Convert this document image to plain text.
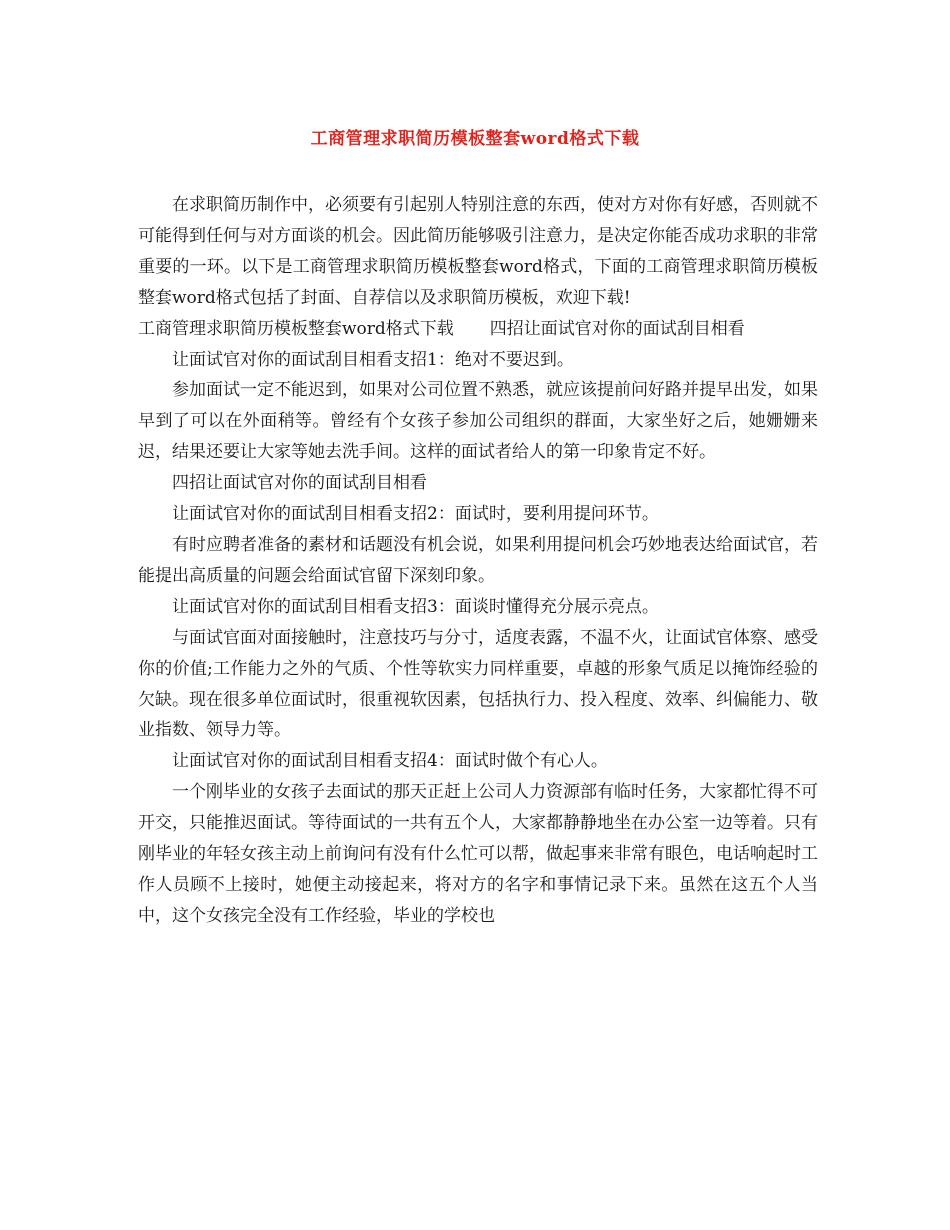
工商管理求职简历模板整套word格式下载

在求职简历制作中，必须要有引起别人特别注意的东西，使对方对你有好感，否则就不可能得到任何与对方面谈的机会。因此简历能够吸引注意力，是决定你能否成功求职的非常重要的一环。以下是工商管理求职简历模板整套word格式，下面的工商管理求职简历模板整套word格式包括了封面、自荐信以及求职简历模板，欢迎下载!

工商管理求职简历模板整套word格式下载 四招让面试官对你的面试刮目相看

让面试官对你的面试刮目相看支招1：绝对不要迟到。

参加面试一定不能迟到，如果对公司位置不熟悉，就应该提前问好路并提早出发，如果早到了可以在外面稍等。曾经有个女孩子参加公司组织的群面，大家坐好之后，她姗姗来迟，结果还要让大家等她去洗手间。这样的面试者给人的第一印象肯定不好。

四招让面试官对你的面试刮目相看

让面试官对你的面试刮目相看支招2：面试时，要利用提问环节。

有时应聘者准备的素材和话题没有机会说，如果利用提问机会巧妙地表达给面试官，若能提出高质量的问题会给面试官留下深刻印象。

让面试官对你的面试刮目相看支招3：面谈时懂得充分展示亮点。

与面试官面对面接触时，注意技巧与分寸，适度表露，不温不火，让面试官体察、感受你的价值;工作能力之外的气质、个性等软实力同样重要，卓越的形象气质足以掩饰经验的欠缺。现在很多单位面试时，很重视软因素，包括执行力、投入程度、效率、纠偏能力、敬业指数、领导力等。

让面试官对你的面试刮目相看支招4：面试时做个有心人。

一个刚毕业的女孩子去面试的那天正赶上公司人力资源部有临时任务，大家都忙得不可开交，只能推迟面试。等待面试的一共有五个人，大家都静静地坐在办公室一边等着。只有刚毕业的年轻女孩主动上前询问有没有什么忙可以帮，做起事来非常有眼色，电话响起时工作人员顾不上接时，她便主动接起来，将对方的名字和事情记录下来。虽然在这五个人当中，这个女孩完全没有工作经验，毕业的学校也
